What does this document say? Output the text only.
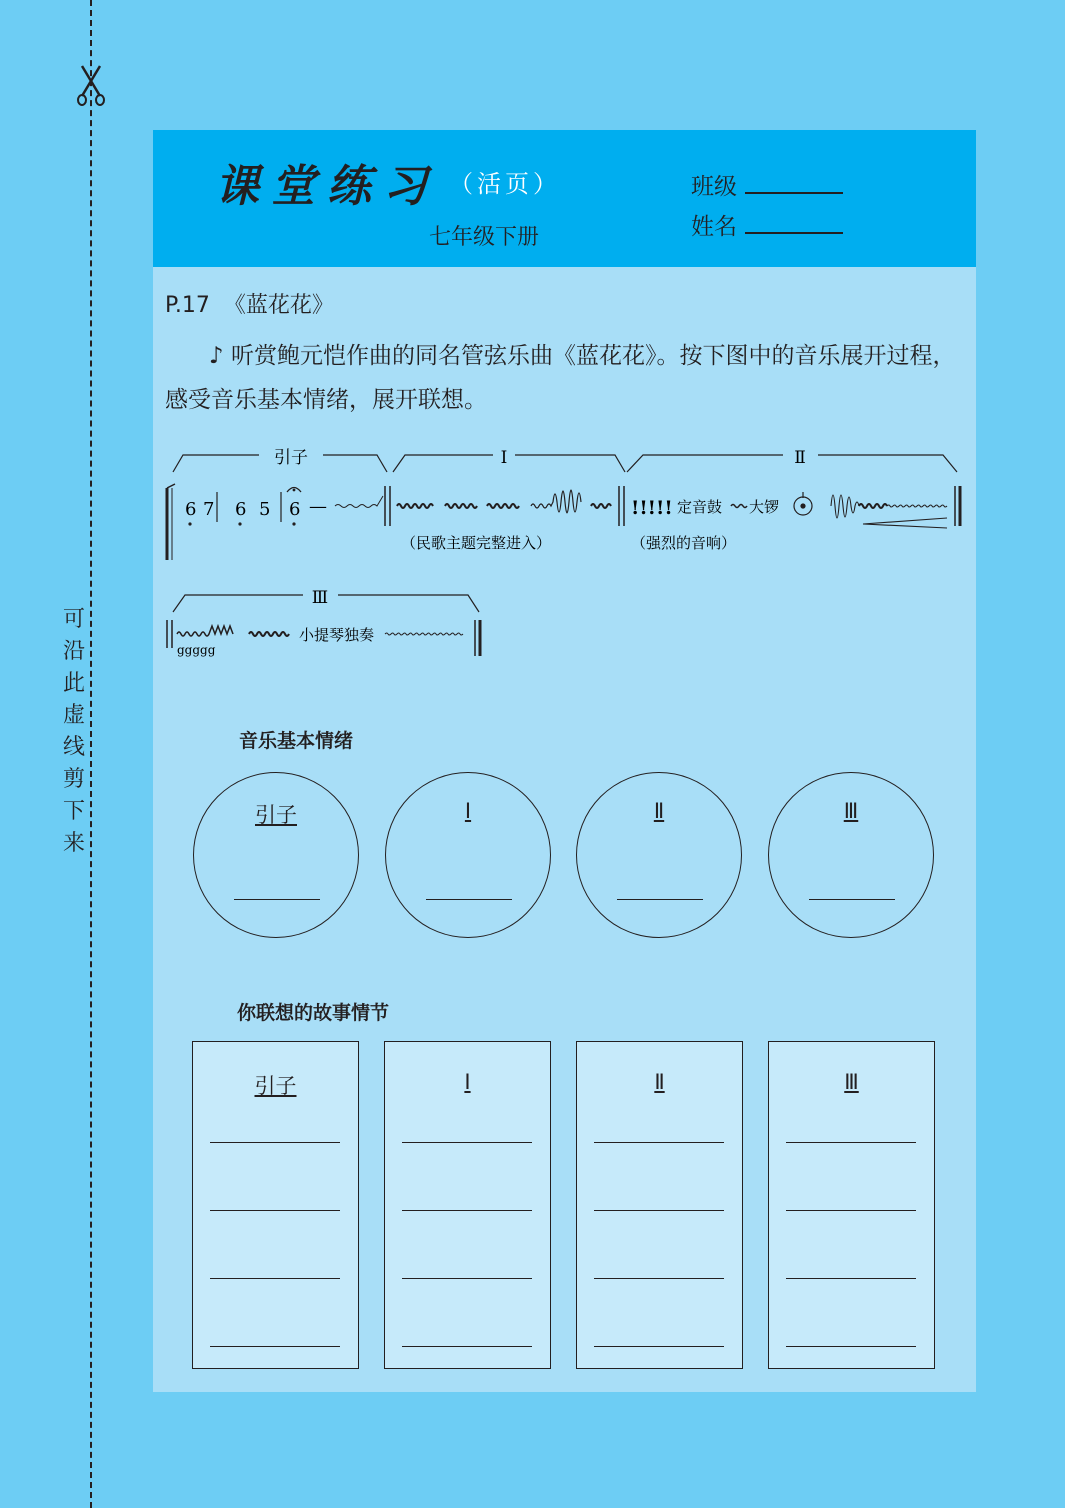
可
沿
此
虚
线
剪
下
来
课堂练习 （活页）
七年级下册
班级
姓名
P.17 《蓝花花》
♪ 听赏鲍元恺作曲的同名管弦乐曲《蓝花花》。按下图中的音乐展开过程，感受音乐基本情绪，展开联想。
引子	Ⅰ	Ⅱ
Ⅲ
6 7 6 5 6 —	!!!!! 定音鼓 大锣
（民歌主题完整进入）	（强烈的音响）
ggggg
小提琴独奏
音乐基本情绪
引子	Ⅰ	Ⅱ	Ⅲ
你联想的故事情节
引子	Ⅰ	Ⅱ	Ⅲ
